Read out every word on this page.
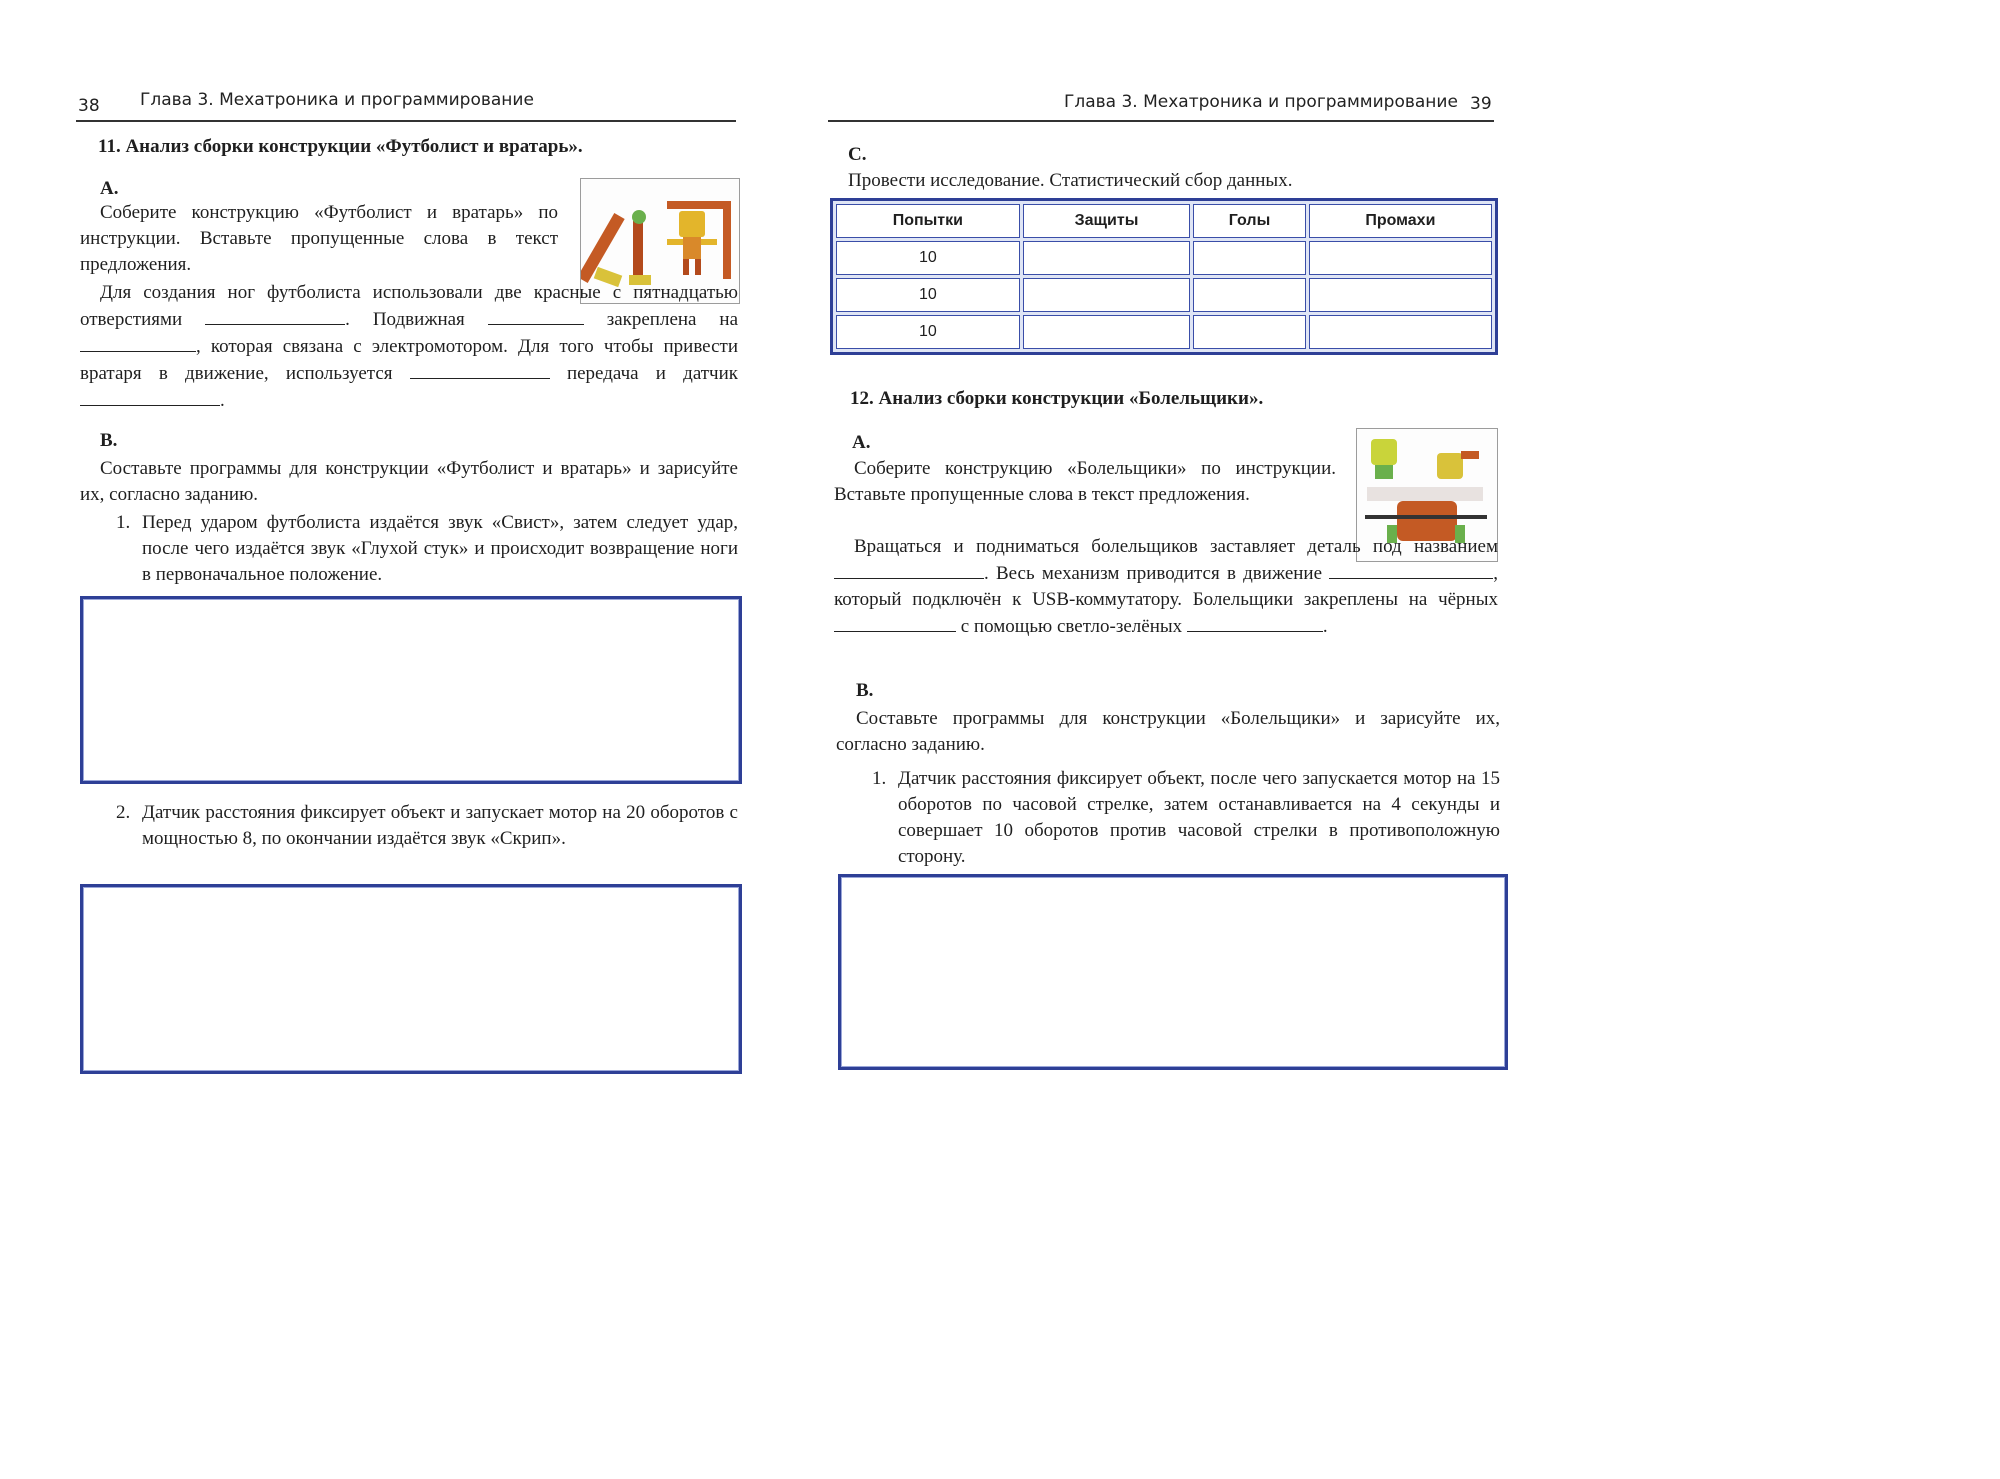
38 Глава 3. Мехатроника и программирование
11. Анализ сборки конструкции «Футболист и вратарь».
A.

Соберите конструкцию «Футболист и вратарь» по инструкции. Вставьте пропущенные слова в текст предложения.

Для создания ног футболиста использовали две красные с пятнадцатью отверстиями	. Подвижная	закреплена на , которая связана с электромотором. Для того чтобы привести вратаря в движение, используется	передача и датчик .

B.

Составьте программы для конструкции «Футболист и вратарь» и зарисуйте их, согласно заданию.

1. Перед ударом футболиста издаётся звук «Свист», затем следует удар, после чего издаётся звук «Глухой стук» и происходит возвращение ноги в первоначальное положение.
2. Датчик расстояния фиксирует объект и запускает мотор на 20 оборотов с мощностью 8, по окончании издаётся звук «Скрип».
Глава 3. Мехатроника и программирование 39
C.

Провести исследование. Статистический сбор данных.

Попытки	Защиты	Голы	Промахи
10			
10			
10			
12. Анализ сборки конструкции «Болельщики».
A.

Соберите конструкцию «Болельщики» по инструкции. Вставьте пропущенные слова в текст предложения.

Вращаться и подниматься болельщиков заставляет деталь под названием . Весь механизм приводится в движение	, который подключён к USB-коммутатору. Болельщики закреплены на чёрных  с помощью светло-зелёных	.

B.

Составьте программы для конструкции «Болельщики» и зарисуйте их, согласно заданию.

1. Датчик расстояния фиксирует объект, после чего запускается мотор на 15 оборотов по часовой стрелке, затем останавливается на 4 секунды и совершает 10 оборотов против часовой стрелки в противоположную сторону.
